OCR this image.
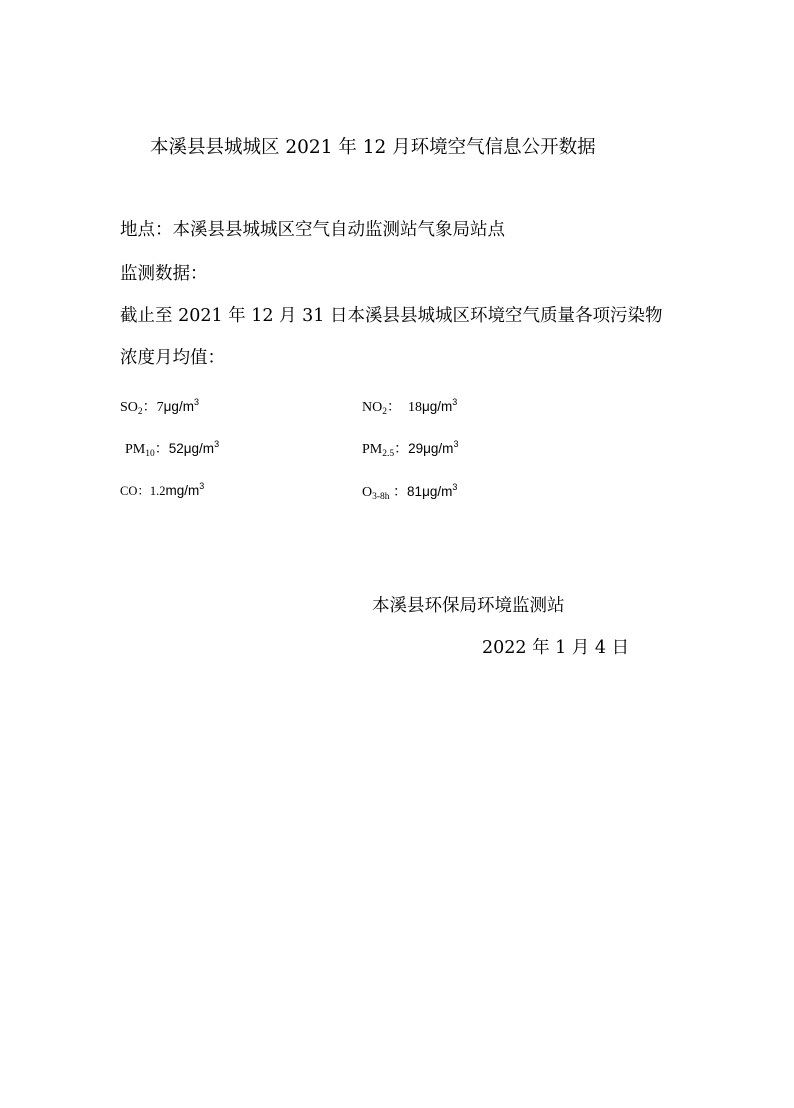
本溪县县城城区 2021 年 12 月环境空气信息公开数据
地点：本溪县县城城区空气自动监测站气象局站点
监测数据：
截止至 2021 年 12 月 31 日本溪县县城城区环境空气质量各项污染物
浓度月均值：
$SO_2$：$7\mu g/m^3$	$NO_2$：  $18\mu g/m^3$
$PM_{10}$：$52\mu g/m^3$	$PM_{2.5}$：$29\mu g/m^3$
CO：$1.2mg/m^3$	$O_{3-8h}$ ：$81\mu g/m^3$
本溪县环保局环境监测站
2022 年 1 月 4 日
